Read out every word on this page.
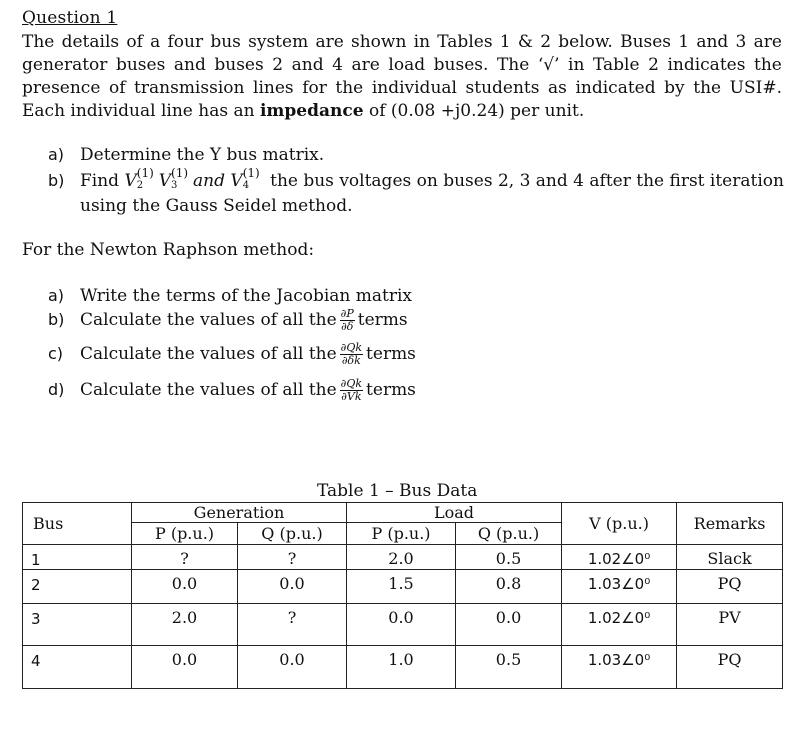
Question 1
The details of a four bus system are shown in Tables 1 & 2 below. Buses 1 and 3 are
generator buses and buses 2 and 4 are load buses. The ‘√’ in Table 2 indicates the
presence of transmission lines for the individual students as indicated by the USI#.
Each individual line has an impedance of (0.08 +j0.24) per unit.
a) Determine the Y bus matrix.
b) Find V (1)
2 V (1)
3 and V (1)
4 the bus voltages on buses 2, 3 and 4 after the first iteration
using the Gauss Seidel method.
For the Newton Raphson method:
a) Write the terms of the Jacobian matrix
b) Calculate the values of all the $\frac{\partial P}{\partial\delta}$ terms
c) Calculate the values of all the $\frac{\partial Qk}{\partial\delta k}$ terms
d) Calculate the values of all the $\frac{\partial Qk}{\partial Vk}$ terms
Table 1 – Bus Data
Bus	Generation		Load		V (p.u.)	Remarks
	P (p.u.)	Q (p.u.)	P (p.u.)	Q (p.u.)		
1	?	?	2.0	0.5	1.02∠0⁰	Slack
2	0.0	0.0	1.5	0.8	1.03∠0⁰	PQ
3	2.0	?	0.0	0.0	1.02∠0⁰	PV
4	0.0	0.0	1.0	0.5	1.03∠0⁰	PQ
